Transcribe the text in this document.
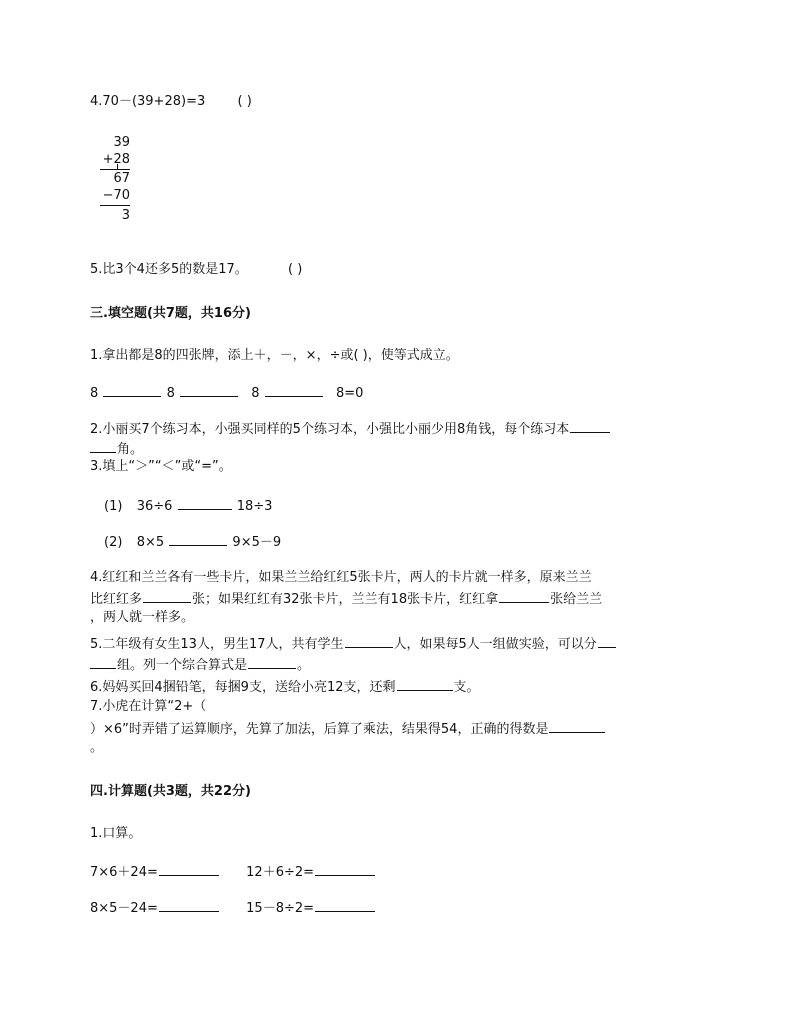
4.70－(39+28)=3 ( )
39
+28
67
−70
3
5.比3个4还多5的数是17。	( )
三.填空题(共7题，共16分)
1.拿出都是8的四张牌，添上＋，－，×，÷或( )，使等式成立。
8	8	8	8=0
2.小丽买7个练习本，小强买同样的5个练习本，小强比小丽少用8角钱，每个练习本
角。
3.填上“＞”“＜”或“=”。
(1) 36÷6	18÷3
(2) 8×5	9×5－9
4.红红和兰兰各有一些卡片，如果兰兰给红红5张卡片，两人的卡片就一样多，原来兰兰
比红红多	张；如果红红有32张卡片，兰兰有18张卡片，红红拿	张给兰兰
，两人就一样多。
5.二年级有女生13人，男生17人，共有学生	人，如果每5人一组做实验，可以分
组。列一个综合算式是	。
6.妈妈买回4捆铅笔，每捆9支，送给小亮12支，还剩	支。
7.小虎在计算“2+（
）×6”时弄错了运算顺序，先算了加法，后算了乘法，结果得54，正确的得数是
。
四.计算题(共3题，共22分)
1.口算。
7×6＋24=	12＋6÷2=
8×5－24=	15－8÷2=
